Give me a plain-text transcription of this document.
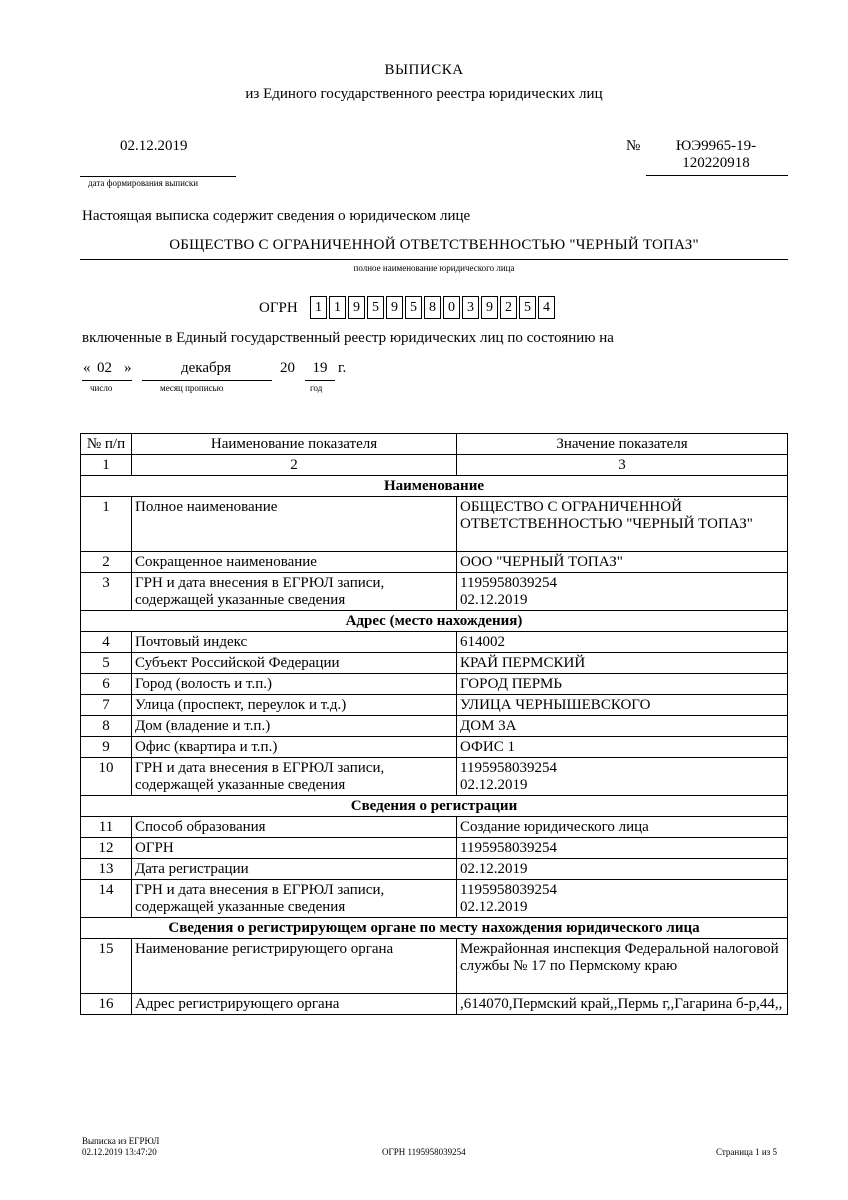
ВЫПИСКА
из Единого государственного реестра юридических лиц
02.12.2019
дата формирования выписки
№	ЮЭ9965-19-
120220918
Настоящая выписка содержит сведения о юридическом лице
ОБЩЕСТВО С ОГРАНИЧЕННОЙ ОТВЕТСТВЕННОСТЬЮ "ЧЕРНЫЙ ТОПАЗ"
полное наименование юридического лица
ОГРН	1 1 9 5 9 5 8 0 3 9 2 5 4
включенные в Единый государственный реестр юридических лиц по состоянию на
« 02 »	декабря	20	19 г.
число	месяц прописью	год
№ п/п	Наименование показателя	Значение показателя
1	2	3
Наименование		
1	Полное наименование	ОБЩЕСТВО С ОГРАНИЧЕННОЙ ОТВЕТСТВЕННОСТЬЮ "ЧЕРНЫЙ ТОПАЗ"
2	Сокращенное наименование	ООО "ЧЕРНЫЙ ТОПАЗ"
3	ГРН и дата внесения в ЕГРЮЛ записи, содержащей указанные сведения	1195958039254
02.12.2019

Адрес (место нахождения)		
4	Почтовый индекс	614002
5	Субъект Российской Федерации	КРАЙ ПЕРМСКИЙ
6	Город (волость и т.п.)	ГОРОД ПЕРМЬ
7	Улица (проспект, переулок и т.д.)	УЛИЦА ЧЕРНЫШЕВСКОГО
8	Дом (владение и т.п.)	ДОМ 3А
9	Офис (квартира и т.п.)	ОФИС 1
10	ГРН и дата внесения в ЕГРЮЛ записи, содержащей указанные сведения	1195958039254
02.12.2019

Сведения о регистрации		
11	Способ образования	Создание юридического лица
12	ОГРН	1195958039254
13	Дата регистрации	02.12.2019
14	ГРН и дата внесения в ЕГРЮЛ записи, содержащей указанные сведения	1195958039254
02.12.2019

Сведения о регистрирующем органе по месту нахождения юридического лица		
15	Наименование регистрирующего органа	Межрайонная инспекция Федеральной налоговой службы № 17 по Пермскому краю
16	Адрес регистрирующего органа	,614070,Пермский край,,Пермь г,,Гагарина б-р,44,,
Выписка из ЕГРЮЛ
02.12.2019 13:47:20	ОГРН 1195958039254	Страница 1 из 5
